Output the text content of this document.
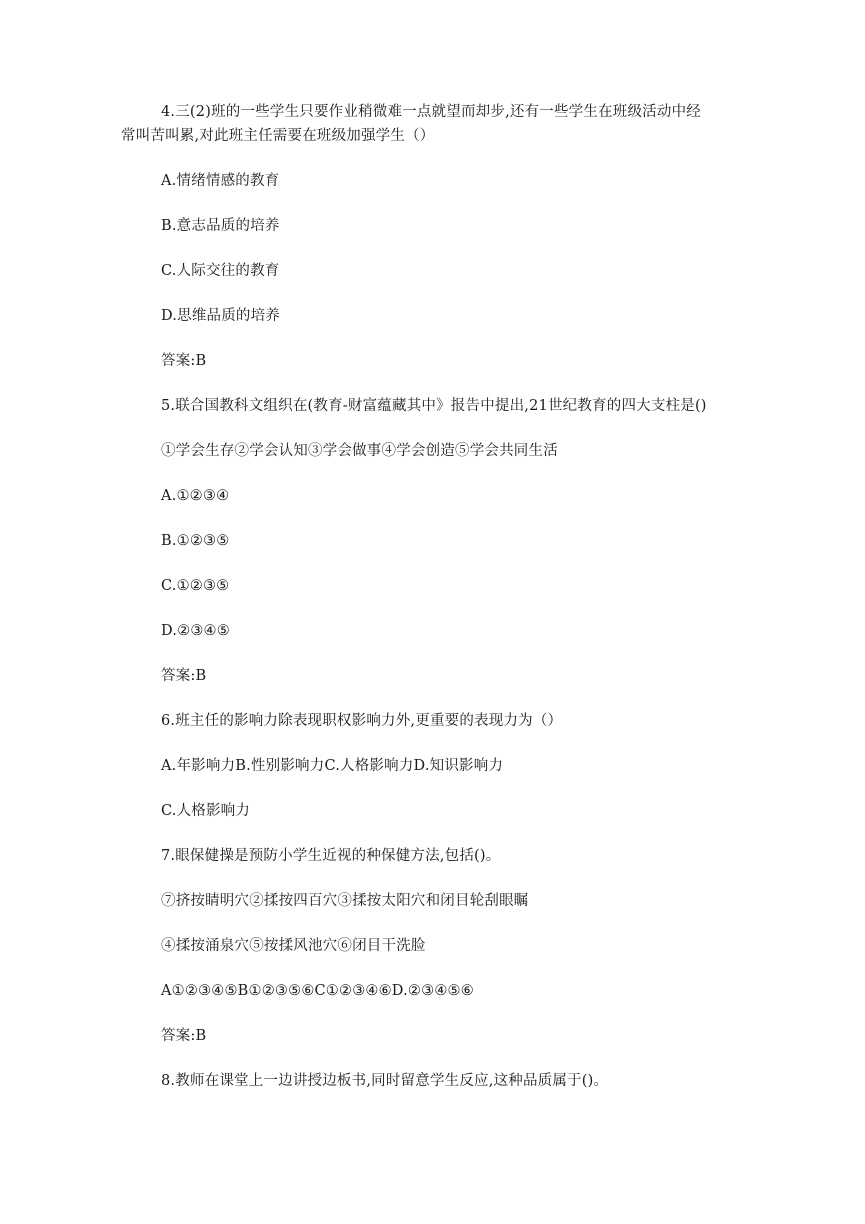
4.三(2)班的一些学生只要作业稍微难一点就望而却步,还有一些学生在班级活动中经
常叫苦叫累,对此班主任需要在班级加强学生（）

A.情绪情感的教育

B.意志品质的培养

C.人际交往的教育

D.思维品质的培养

答案:B

5.联合国教科文组织在(教育-财富蕴藏其中》报告中提出,21世纪教育的四大支柱是()

①学会生存②学会认知③学会做事④学会创造⑤学会共同生活

A.①②③④

B.①②③⑤

C.①②③⑤

D.②③④⑤

答案:B

6.班主任的影响力除表现职权影响力外,更重要的表现力为（）

A.年影响力B.性别影响力C.人格影响力D.知识影响力

C.人格影响力

7.眼保健操是预防小学生近视的种保健方法,包括()。

⑦挤按睛明穴②揉按四百穴③揉按太阳穴和闭目轮刮眼瞩

④揉按涌泉穴⑤按揉风池穴⑥闭目干洗脸

A①②③④⑤B①②③⑤⑥C①②③④⑥D.②③④⑤⑥

答案:B

8.教师在课堂上一边讲授边板书,同时留意学生反应,这种品质属于()。
